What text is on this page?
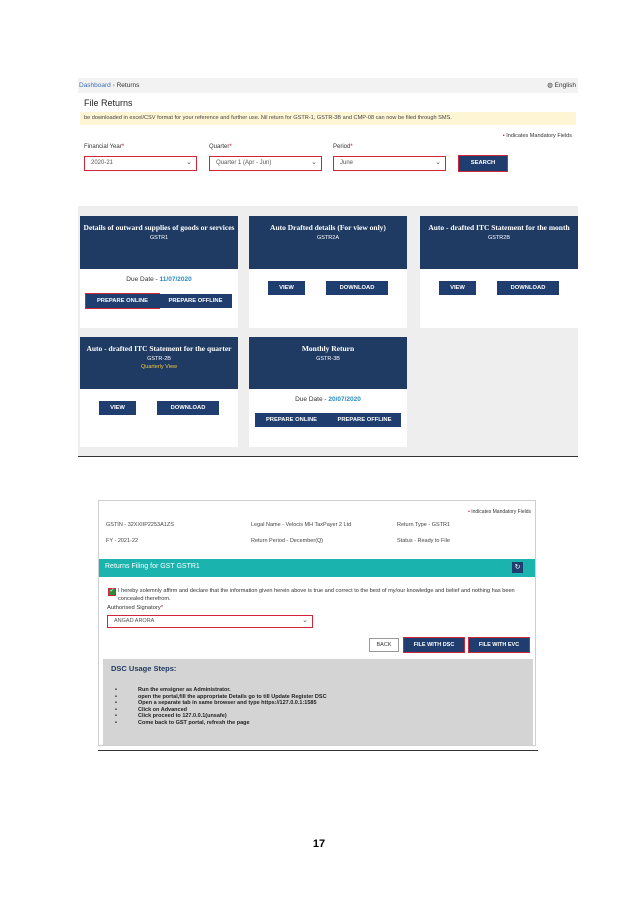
Dashboard › Returns	◍ English
File Returns
be downloaded in excel/CSV format for your reference and further use. Nil return for GSTR-1, GSTR-3B and CMP-08 can now be filed through SMS.
• Indicates Mandatory Fields
Financial Year*
2020-21	⌄
Quarter*
Quarter 1 (Apr - Jun)	⌄
Period*
June	⌄	SEARCH
Details of outward supplies of goods or services
GSTR1
Due Date - 11/07/2020
PREPARE ONLINE	PREPARE OFFLINE
Auto Drafted details (For view only)
GSTR2A
VIEW	DOWNLOAD
Auto - drafted ITC Statement for the month
GSTR2B
VIEW	DOWNLOAD
Auto - drafted ITC Statement for the quarter
GSTR-2B
Quarterly View
VIEW	DOWNLOAD
Monthly Return
GSTR-3B
Due Date - 20/07/2020
PREPARE ONLINE	PREPARE OFFLINE
• Indicates Mandatory Fields
GSTIN - 32XXIIP2253A1ZS	Legal Name - Velocis MH TaxPayer 2 Ltd	Return Type - GSTR1
FY - 2021-22	Return Period - December(Q)	Status - Ready to File
Returns Filing for GST GSTR1	↻
✓ I hereby solemnly affirm and declare that the information given herein above is true and correct to the best of my/our knowledge and belief and nothing has been concealed therefrom.
Authorised Signatory*
ANGAD ARORA	⌄
BACK	FILE WITH DSC	FILE WITH EVC
DSC Usage Steps:
•	Run the emsigner as Administrator.
•	open the portal,fill the appropriate Details go to till Update Register DSC
•	Open a separate tab in same browser and type https://127.0.0.1:1585
•	Click on Advanced
•	Click proceed to 127.0.0.1(unsafe)
•	Come back to GST portal, refresh the page
17
